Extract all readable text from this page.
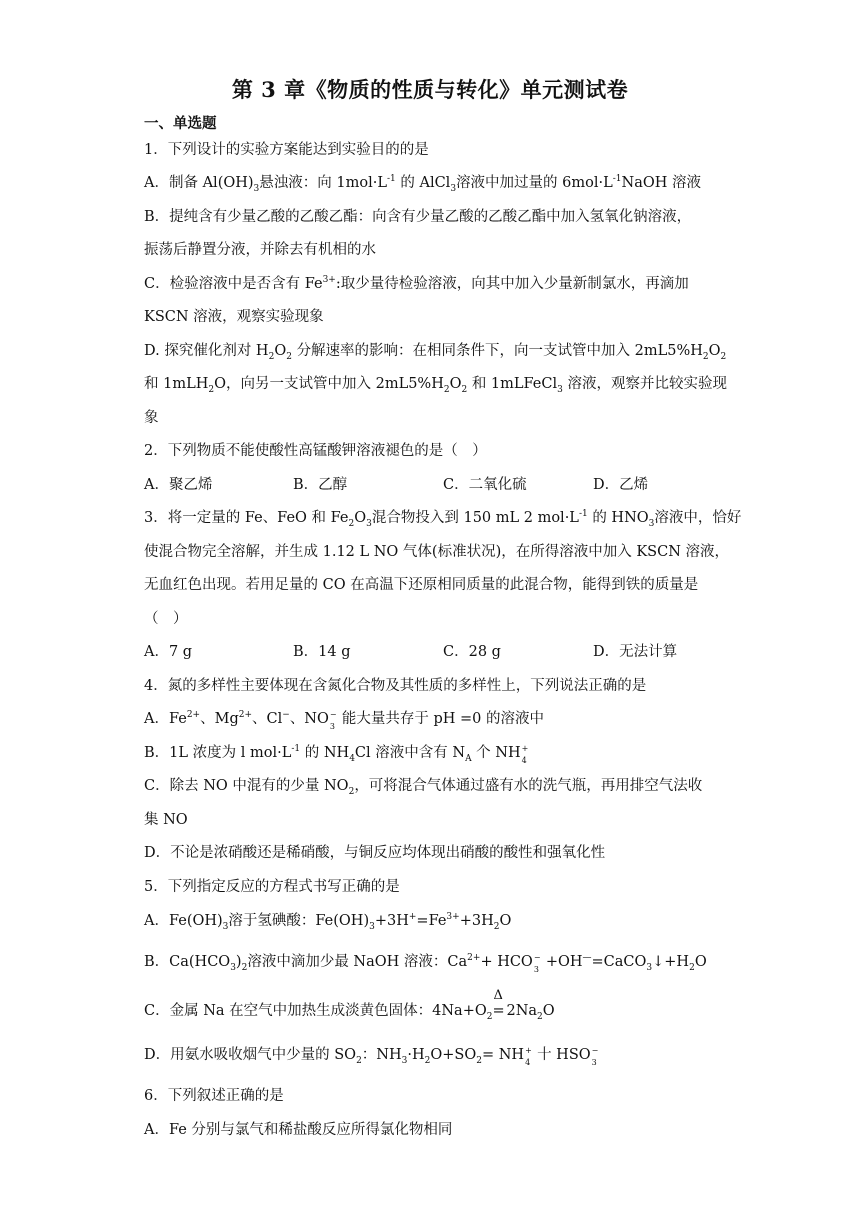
第 3 章《物质的性质与转化》单元测试卷
一、单选题
1．下列设计的实验方案能达到实验目的的是
A．制备 $Al(OH)_3$悬浊液：向 $1mol\cdot L^{-1}$ 的 AlCl$_3$溶液中加过量的 $6mol\cdot L^{-1}NaOH$ 溶液
B．提纯含有少量乙酸的乙酸乙酯：向含有少量乙酸的乙酸乙酯中加入氢氧化钠溶液，
振荡后静置分液，并除去有机相的水
C．检验溶液中是否含有 $Fe^{3+}$:取少量待检验溶液，向其中加入少量新制氯水，再滴加
KSCN 溶液，观察实验现象
D. 探究催化剂对 $H_2O_2$ 分解速率的影响：在相同条件下，向一支试管中加入 $2mL5\%H_2O_2$
和 1mLH$_2$O，向另一支试管中加入 $2mL5\%H_2O_2$ 和 1mLFeCl$_3$ 溶液，观察并比较实验现
象
2．下列物质不能使酸性高锰酸钾溶液褪色的是（　）
A．聚乙烯	B．乙醇	C．二氧化硫	D．乙烯
3．将一定量的 Fe、FeO 和 $Fe_2O_3$混合物投入到 150 mL 2 $mol\cdot L^{-1}$ 的 $HNO_3$溶液中，恰好
使混合物完全溶解，并生成 1.12 L NO 气体(标准状况)，在所得溶液中加入 KSCN 溶液，
无血红色出现。若用足量的 CO 在高温下还原相同质量的此混合物，能得到铁的质量是
（　）
A．7 g	B．14 g	C．28 g	D．无法计算
4．氮的多样性主要体现在含氮化合物及其性质的多样性上，下列说法正确的是
A．$Fe^{2+}$、$Mg^{2+}$、Cl−、NO −
3 能大量共存于 pH =0 的溶液中
B．1L 浓度为 l $mol\cdot L^{-1}$ 的 $NH_4Cl$ 溶液中含有 $N_A$ 个 NH +
4
C．除去 NO 中混有的少量 $NO_2$，可将混合气体通过盛有水的洗气瓶，再用排空气法收
集 NO
D．不论是浓硝酸还是稀硝酸，与铜反应均体现出硝酸的酸性和强氧化性
5．下列指定反应的方程式书写正确的是
A．$Fe(OH)_3$溶于氢碘酸：$Fe(OH)_3+3H^+=Fe^{3+}+3H_2O$
B．$Ca(HCO_3)_2$溶液中滴加少最 NaOH 溶液：$Ca^{2+}+$ HCO −
$3 +OH^—=CaCO_3↓+H_2O$
C．金属 Na 在空气中加热生成淡黄色固体：$4Na+O_2$
Δ
= $2Na_2O$
D．用氨水吸收烟气中少量的 $SO_2$：$NH_3\cdot H_2O+SO_2=$ NH +
4 十 HSO −
3
6．下列叙述正确的是
A．Fe 分别与氯气和稀盐酸反应所得氯化物相同
